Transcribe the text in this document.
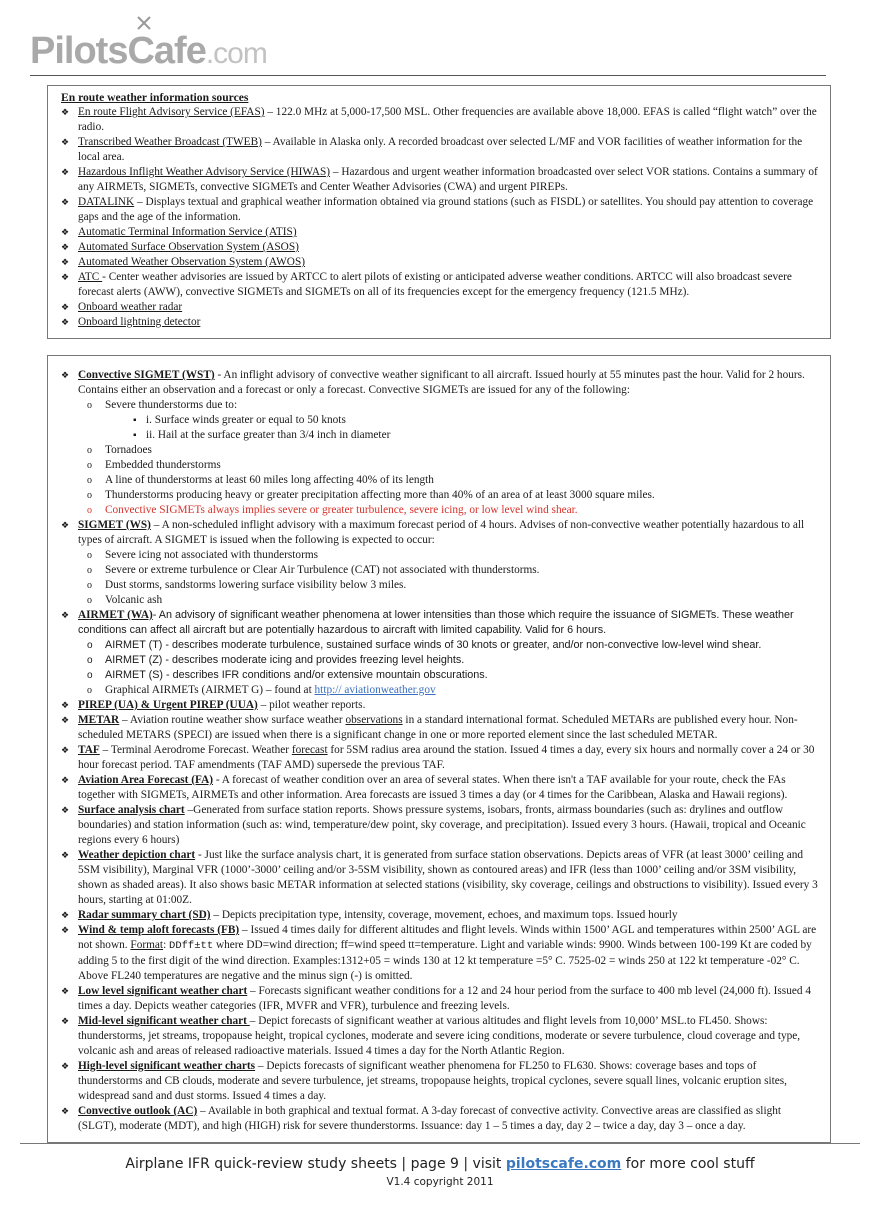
PilotsCafe.com
En route weather information sources
❖ En route Flight Advisory Service (EFAS) – 122.0 MHz at 5,000-17,500 MSL. Other frequencies are available above 18,000. EFAS is called “flight watch” over the radio.
❖ Transcribed Weather Broadcast (TWEB) – Available in Alaska only. A recorded broadcast over selected L/MF and VOR facilities of weather information for the local area.
❖ Hazardous Inflight Weather Advisory Service (HIWAS) – Hazardous and urgent weather information broadcasted over select VOR stations. Contains a summary of any AIRMETs, SIGMETs, convective SIGMETs and Center Weather Advisories (CWA) and urgent PIREPs.
❖ DATALINK – Displays textual and graphical weather information obtained via ground stations (such as FISDL) or satellites. You should pay attention to coverage gaps and the age of the information.
❖ Automatic Terminal Information Service (ATIS)
❖ Automated Surface Observation System (ASOS)
❖ Automated Weather Observation System (AWOS)
❖ ATC - Center weather advisories are issued by ARTCC to alert pilots of existing or anticipated adverse weather conditions. ARTCC will also broadcast severe forecast alerts (AWW), convective SIGMETs and SIGMETs on all of its frequencies except for the emergency frequency (121.5 MHz).
❖ Onboard weather radar
❖ Onboard lightning detector
❖ Convective SIGMET (WST) - An inflight advisory of convective weather significant to all aircraft. Issued hourly at 55 minutes past the hour. Valid for 2 hours. Contains either an observation and a forecast or only a forecast. Convective SIGMETs are issued for any of the following:
o Severe thunderstorms due to:
▪ i. Surface winds greater or equal to 50 knots
▪ ii. Hail at the surface greater than 3/4 inch in diameter
o Tornadoes
o Embedded thunderstorms
o A line of thunderstorms at least 60 miles long affecting 40% of its length
o Thunderstorms producing heavy or greater precipitation affecting more than 40% of an area of at least 3000 square miles.
o Convective SIGMETs always implies severe or greater turbulence, severe icing, or low level wind shear.
❖ SIGMET (WS) – A non-scheduled inflight advisory with a maximum forecast period of 4 hours. Advises of non-convective weather potentially hazardous to all types of aircraft. A SIGMET is issued when the following is expected to occur:
o Severe icing not associated with thunderstorms
o Severe or extreme turbulence or Clear Air Turbulence (CAT) not associated with thunderstorms.
o Dust storms, sandstorms lowering surface visibility below 3 miles.
o Volcanic ash
❖ AIRMET (WA)- An advisory of significant weather phenomena at lower intensities than those which require the issuance of SIGMETs. These weather conditions can affect all aircraft but are potentially hazardous to aircraft with limited capability. Valid for 6 hours.
o AIRMET (T) - describes moderate turbulence, sustained surface winds of 30 knots or greater, and/or non-convective low-level wind shear.
o AIRMET (Z) - describes moderate icing and provides freezing level heights.
o AIRMET (S) - describes IFR conditions and/or extensive mountain obscurations.
o Graphical AIRMETs (AIRMET G) – found at http:// aviationweather.gov
❖ PIREP (UA) & Urgent PIREP (UUA) – pilot weather reports.
❖ METAR – Aviation routine weather show surface weather observations in a standard international format. Scheduled METARs are published every hour. Non-scheduled METARS (SPECI) are issued when there is a significant change in one or more reported element since the last scheduled METAR.
❖ TAF – Terminal Aerodrome Forecast. Weather forecast for 5SM radius area around the station. Issued 4 times a day, every six hours and normally cover a 24 or 30 hour forecast period. TAF amendments (TAF AMD) supersede the previous TAF.
❖ Aviation Area Forecast (FA) - A forecast of weather condition over an area of several states. When there isn't a TAF available for your route, check the FAs together with SIGMETs, AIRMETs and other information. Area forecasts are issued 3 times a day (or 4 times for the Caribbean, Alaska and Hawaii regions).
❖ Surface analysis chart –Generated from surface station reports. Shows pressure systems, isobars, fronts, airmass boundaries (such as: drylines and outflow boundaries) and station information (such as: wind, temperature/dew point, sky coverage, and precipitation). Issued every 3 hours. (Hawaii, tropical and Oceanic regions every 6 hours)
❖ Weather depiction chart - Just like the surface analysis chart, it is generated from surface station observations. Depicts areas of VFR (at least 3000’ ceiling and 5SM visibility), Marginal VFR (1000’-3000’ ceiling and/or 3-5SM visibility, shown as contoured areas) and IFR (less than 1000’ ceiling and/or 3SM visibility, shown as shaded areas). It also shows basic METAR information at selected stations (visibility, sky coverage, ceilings and obstructions to visibility). Issued every 3 hours, starting at 01:00Z.
❖ Radar summary chart (SD) – Depicts precipitation type, intensity, coverage, movement, echoes, and maximum tops. Issued hourly
❖ Wind & temp aloft forecasts (FB) – Issued 4 times daily for different altitudes and flight levels. Winds within 1500’ AGL and temperatures within 2500’ AGL are not shown. Format: DDff±tt where DD=wind direction; ff=wind speed tt=temperature. Light and variable winds: 9900. Winds between 100-199 Kt are coded by adding 5 to the first digit of the wind direction. Examples:1312+05 = winds 130 at 12 kt temperature =5° C. 7525-02 = winds 250 at 122 kt temperature -02° C. Above FL240 temperatures are negative and the minus sign (-) is omitted.
❖ Low level significant weather chart – Forecasts significant weather conditions for a 12 and 24 hour period from the surface to 400 mb level (24,000 ft). Issued 4 times a day. Depicts weather categories (IFR, MVFR and VFR), turbulence and freezing levels.
❖ Mid-level significant weather chart – Depict forecasts of significant weather at various altitudes and flight levels from 10,000’ MSL.to FL450. Shows: thunderstorms, jet streams, tropopause height, tropical cyclones, moderate and severe icing conditions, moderate or severe turbulence, cloud coverage and type, volcanic ash and areas of released radioactive materials. Issued 4 times a day for the North Atlantic Region.
❖ High-level significant weather charts – Depicts forecasts of significant weather phenomena for FL250 to FL630. Shows: coverage bases and tops of thunderstorms and CB clouds, moderate and severe turbulence, jet streams, tropopause heights, tropical cyclones, severe squall lines, volcanic eruption sites, widespread sand and dust storms. Issued 4 times a day.
❖ Convective outlook (AC) – Available in both graphical and textual format. A 3-day forecast of convective activity. Convective areas are classified as slight (SLGT), moderate (MDT), and high (HIGH) risk for severe thunderstorms. Issuance: day 1 – 5 times a day, day 2 – twice a day, day 3 – once a day.
Airplane IFR quick-review study sheets | page 9 | visit pilotscafe.com for more cool stuff
V1.4 copyright 2011
